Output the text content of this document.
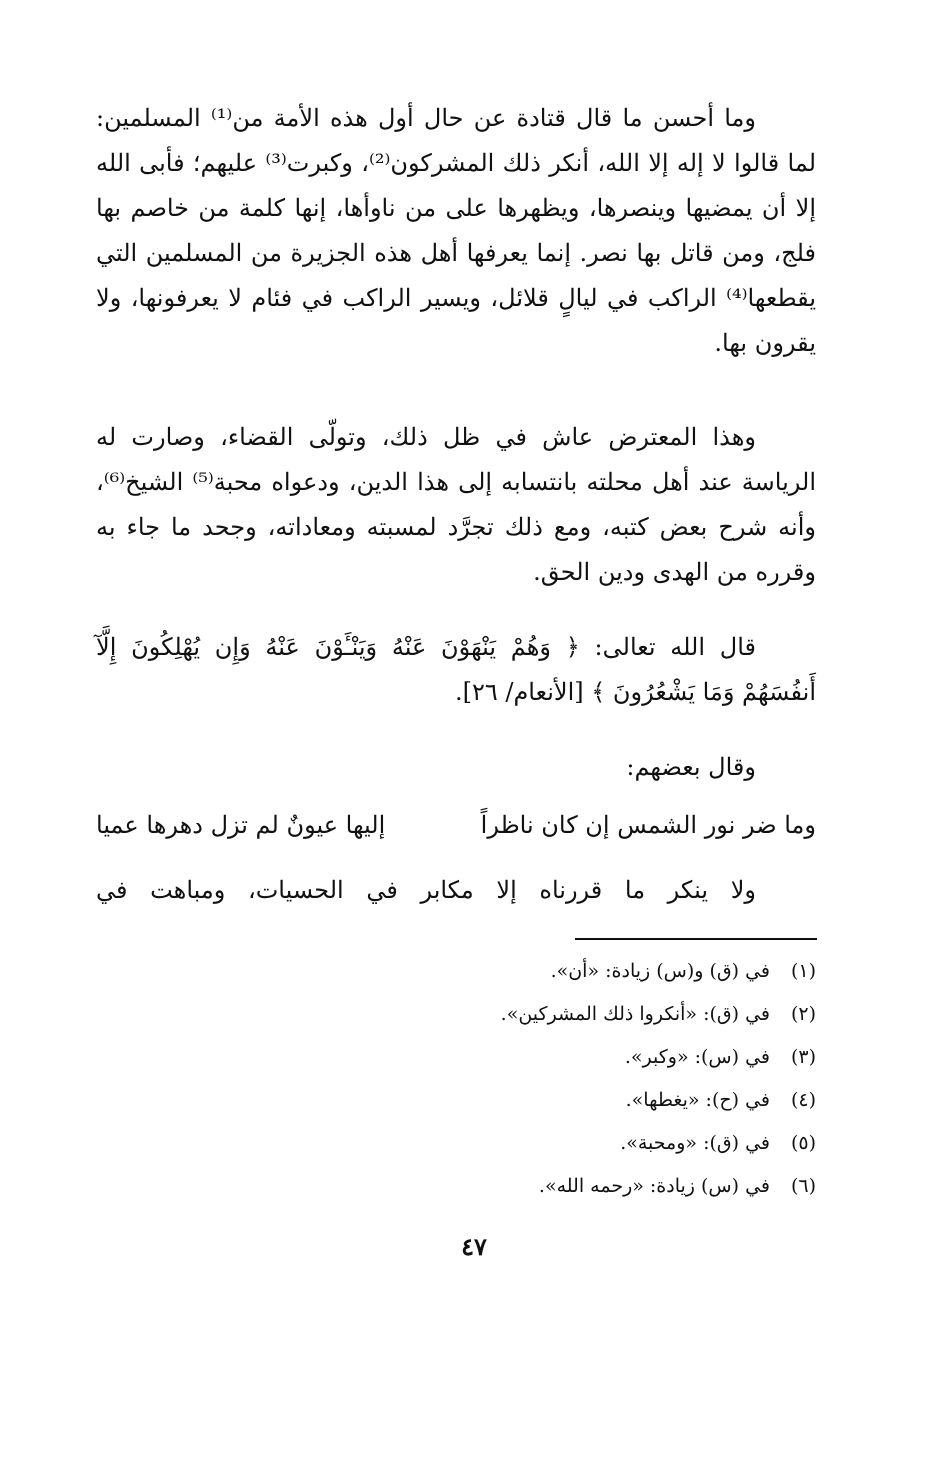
وما أحسن ما قال قتادة عن حال أول هذه الأمة من⁽¹⁾ المسلمين: لما قالوا لا إله إلا الله، أنكر ذلك المشركون⁽²⁾، وكبرت⁽³⁾ عليهم؛ فأبى الله إلا أن يمضيها وينصرها، ويظهرها على من ناوأها، إنها كلمة من خاصم بها فلج، ومن قاتل بها نصر. إنما يعرفها أهل هذه الجزيرة من المسلمين التي يقطعها⁽⁴⁾ الراكب في ليالٍ قلائل، ويسير الراكب في فئام لا يعرفونها، ولا يقرون بها.

وهذا المعترض عاش في ظل ذلك، وتولّى القضاء، وصارت له الرياسة عند أهل محلته بانتسابه إلى هذا الدين، ودعواه محبة⁽⁵⁾ الشيخ⁽⁶⁾، وأنه شرح بعض كتبه، ومع ذلك تجرَّد لمسبته ومعاداته، وجحد ما جاء به وقرره من الهدى ودين الحق.

قال الله تعالى: ﴿ وَهُمْ يَنْهَوْنَ عَنْهُ وَيَنْـَٔوْنَ عَنْهُ وَإِن يُهْلِكُونَ إِلَّآ أَنفُسَهُمْ وَمَا يَشْعُرُونَ ﴾ [الأنعام/ ٢٦].

وقال بعضهم:

وما ضر نور الشمس إن كان ناظراً
إليها عيونٌ لم تزل دهرها عميا

ولا ينكر ما قررناه إلا مكابر في الحسيات، ومباهت في

(١)
في (ق) و(س) زيادة: «أن».
(٢)
في (ق): «أنكروا ذلك المشركين».
(٣)
في (س): «وكبر».
(٤)
في (ح): «يغطها».
(٥)
في (ق): «ومحبة».
(٦)
في (س) زيادة: «رحمه الله».
٤٧
